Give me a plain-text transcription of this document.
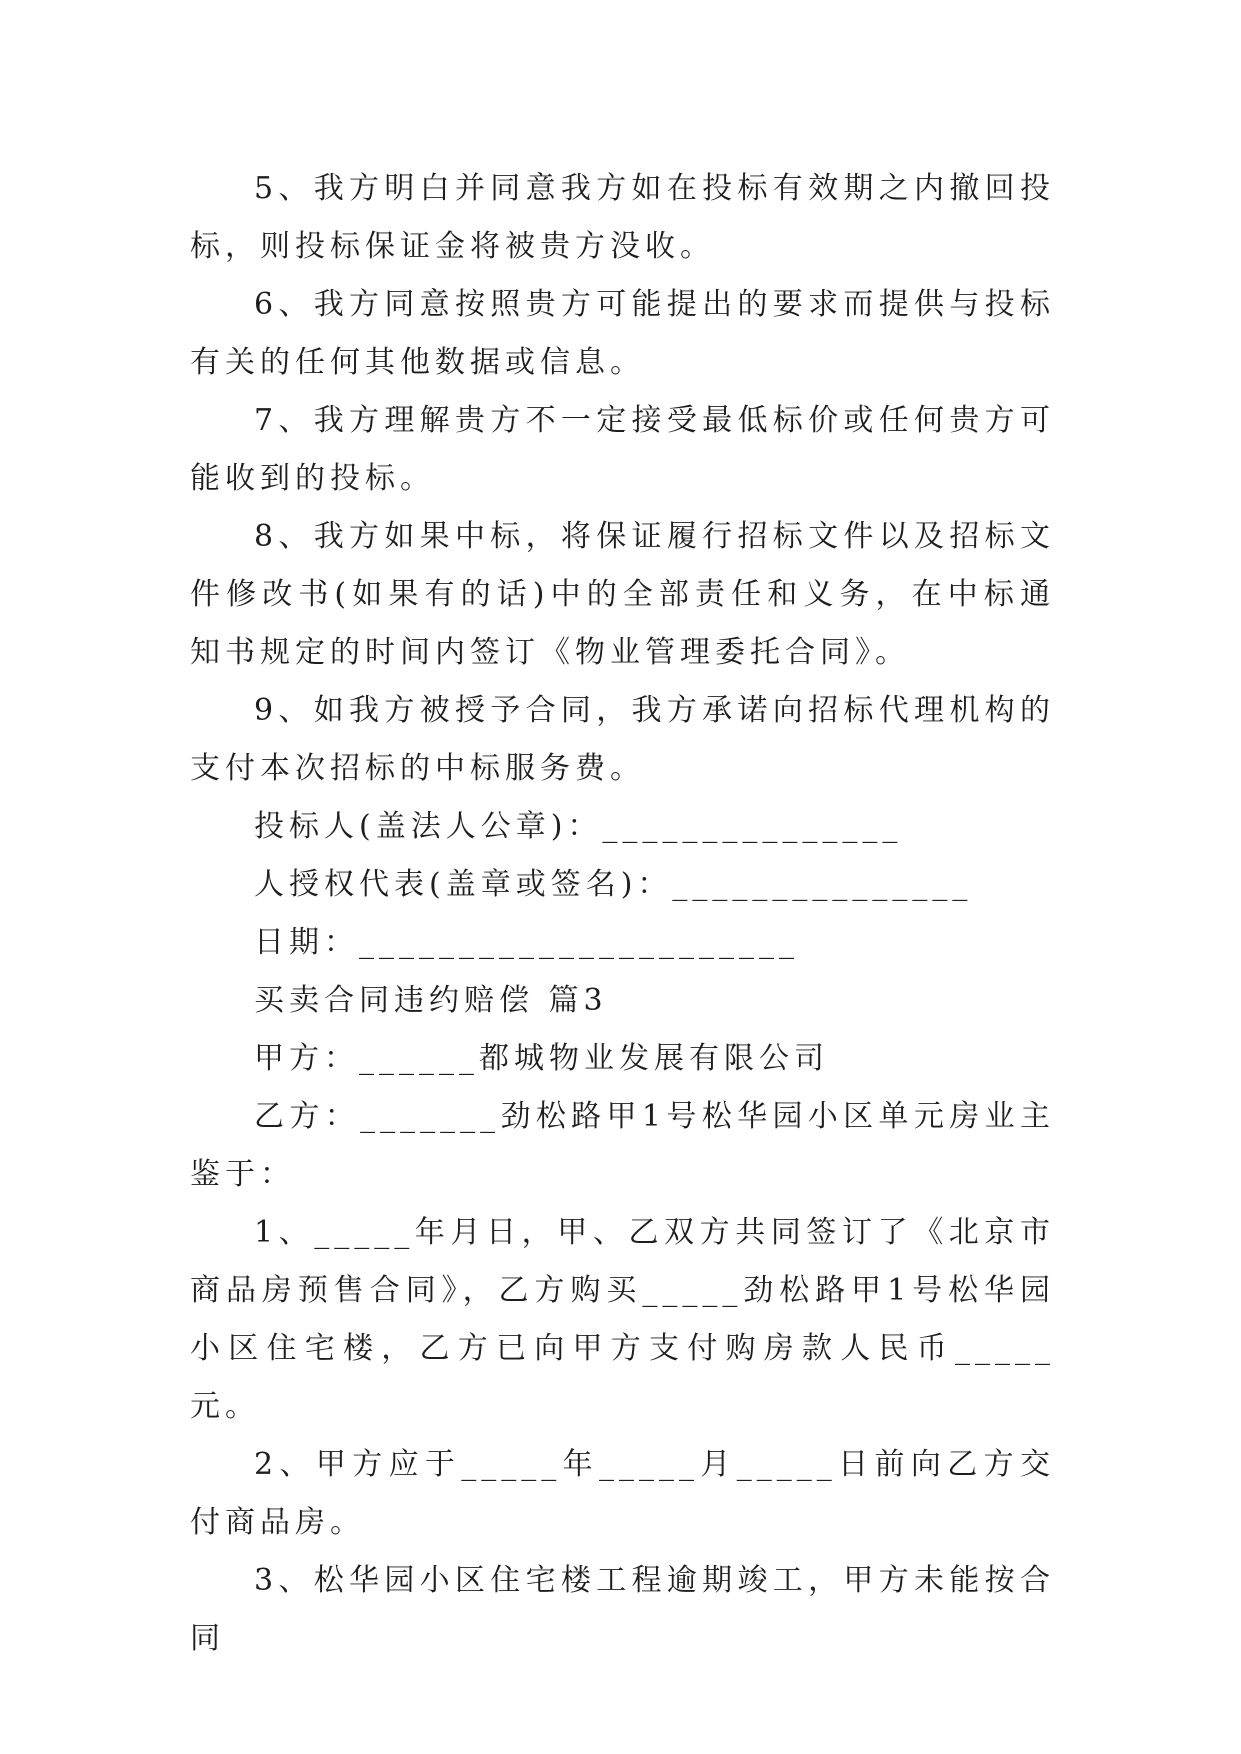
5、我方明白并同意我方如在投标有效期之内撤回投标，则投标保证金将被贵方没收。

6、我方同意按照贵方可能提出的要求而提供与投标有关的任何其他数据或信息。

7、我方理解贵方不一定接受最低标价或任何贵方可能收到的投标。

8、我方如果中标，将保证履行招标文件以及招标文件修改书(如果有的话)中的全部责任和义务，在中标通知书规定的时间内签订《物业管理委托合同》。

9、如我方被授予合同，我方承诺向招标代理机构的支付本次招标的中标服务费。

投标人(盖法人公章)：_______________

人授权代表(盖章或签名)：_______________

日期：______________________

买卖合同违约赔偿 篇3

甲方：______都城物业发展有限公司

乙方：_______劲松路甲1号松华园小区单元房业主鉴于：

1、_____年月日，甲、乙双方共同签订了《北京市商品房预售合同》，乙方购买_____劲松路甲1号松华园小区住宅楼，乙方已向甲方支付购房款人民币_____元。

2、甲方应于_____年_____月_____日前向乙方交付商品房。

3、松华园小区住宅楼工程逾期竣工，甲方未能按合同
